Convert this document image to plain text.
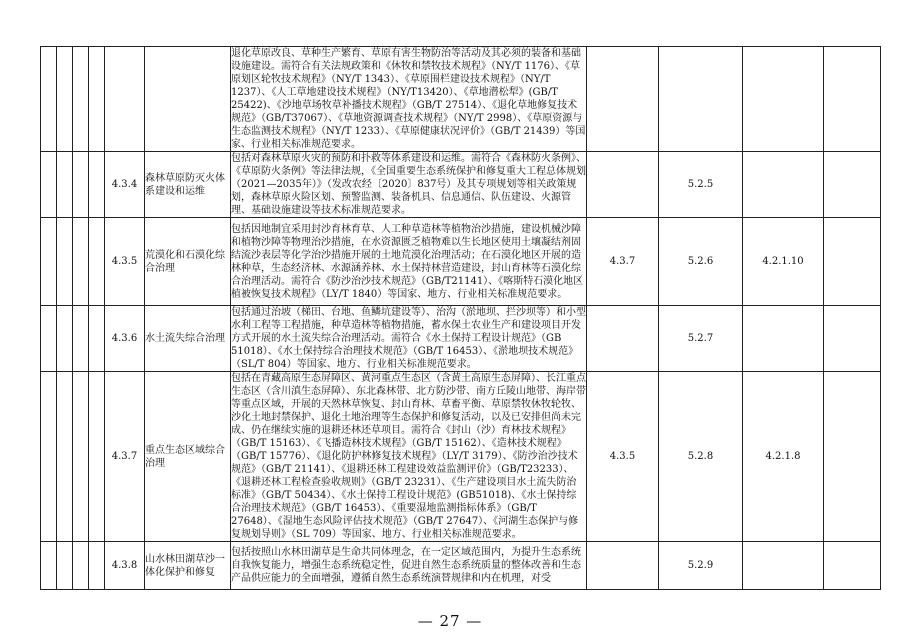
						退化草原改良、草种生产繁育、草原有害生物防治等活动及其必须的装备和基础设施建设。需符合有关法规政策和《休牧和禁牧技术规程》（NY/T 1176）、《草原划区轮牧技术规程》（NY/T 1343）、《草原围栏建设技术规程》（NY/T 1237）、《人工草地建设技术规程》（NY/T13420）、《草地潜松犁》(GB/T 25422)、《沙地草场牧草补播技术规程》（GB/T 27514）、《退化草地修复技术规范》（GB/T37067）、《草地资源调查技术规程》（NY/T 2998）、《草原资源与生态监测技术规程》（NY/T 1233）、《草原健康状况评价》（GB/T 21439）等国家、行业相关标准规范要求。				
				4.3.4	森林草原防灭火体系建设和运维	包括对森林草原火灾的预防和扑救等体系建设和运维。需符合《森林防火条例》、《草原防火条例》等法律法规，《全国重要生态系统保护和修复重大工程总体规划（2021—2035年）》（发改农经〔2020〕837号）及其专项规划等相关政策规划，森林草原火险区划、预警监测、装备机具、信息通信、队伍建设、火源管理、基础设施建设等技术标准规范要求。		5.2.5		
				4.3.5	荒漠化和石漠化综合治理	包括因地制宜采用封沙育林育草、人工种草造林等植物治沙措施，建设机械沙障和植物沙障等物理治沙措施，在水资源匮乏植物难以生长地区使用土壤凝结剂固结流沙表层等化学治沙措施开展的土地荒漠化治理活动；在石漠化地区开展的造林种草，生态经济林、水源涵养林、水土保持林营造建设，封山育林等石漠化综合治理活动。需符合《防沙治沙技术规范》（GB/T21141）、《喀斯特石漠化地区植被恢复技术规程》（LY/T 1840）等国家、地方、行业相关标准规范要求。	4.3.7	5.2.6	4.2.1.10	
				4.3.6	水土流失综合治理	包括通过治坡（梯田、台地、鱼鳞坑建设等）、治沟（淤地坝、拦沙坝等）和小型水利工程等工程措施，种草造林等植物措施，蓄水保土农业生产和建设项目开发方式开展的水土流失综合治理活动。需符合《水土保持工程设计规范》（GB 51018）、《水土保持综合治理技术规范》（GB/T 16453）、《淤地坝技术规范》（SL/T 804）等国家、地方、行业相关标准规范要求。		5.2.7		
				4.3.7	重点生态区域综合治理	包括在青藏高原生态屏障区、黄河重点生态区（含黄土高原生态屏障）、长江重点生态区（含川滇生态屏障）、东北森林带、北方防沙带、南方丘陵山地带、海岸带等重点区域，开展的天然林草恢复、封山育林、草畜平衡、草原禁牧休牧轮牧、沙化土地封禁保护、退化土地治理等生态保护和修复活动，以及已安排但尚未完成、仍在继续实施的退耕还林还草项目。需符合《封山（沙）育林技术规程》（GB/T 15163）、《飞播造林技术规程》（GB/T 15162）、《造林技术规程》（GB/T 15776）、《退化防护林修复技术规程》（LY/T 3179）、《防沙治沙技术规范》（GB/T 21141）、《退耕还林工程建设效益监测评价》（GB/T23233）、《退耕还林工程检查验收规则》（GB/T 23231）、《生产建设项目水土流失防治标准》（GB/T 50434）、《水土保持工程设计规范》(GB51018)、《水土保持综合治理技术规范》（GB/T 16453）、《重要湿地监测指标体系》（GB/T 27648）、《湿地生态风险评估技术规范》（GB/T 27647）、《河湖生态保护与修复规划导则》（SL 709）等国家、地方、行业相关标准规范要求。	4.3.5	5.2.8	4.2.1.8	
				4.3.8	山水林田湖草沙一体化保护和修复	包括按照山水林田湖草是生命共同体理念，在一定区域范围内，为提升生态系统自我恢复能力，增强生态系统稳定性，促进自然生态系统质量的整体改善和生态产品供应能力的全面增强，遵循自然生态系统演替规律和内在机理，对受		5.2.9		
— 27 —
